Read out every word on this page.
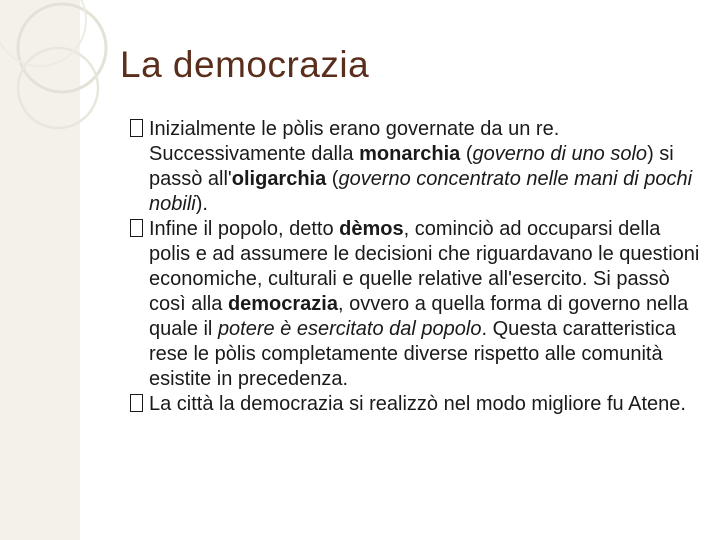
La democrazia

Inizialmente le pòlis erano governate da un re. Successivamente dalla monarchia (governo di uno solo) si passò all'oligarchia (governo concentrato nelle mani di pochi nobili).

Infine il popolo, detto dèmos, cominciò ad occuparsi della polis e ad assumere le decisioni che riguardavano le questioni economiche, culturali e quelle relative all'esercito. Si passò così alla democrazia, ovvero a quella forma di governo nella quale il potere è esercitato dal popolo. Questa caratteristica rese le pòlis completamente diverse rispetto alle comunità esistite in precedenza.

La città la democrazia si realizzò nel modo migliore fu Atene.
